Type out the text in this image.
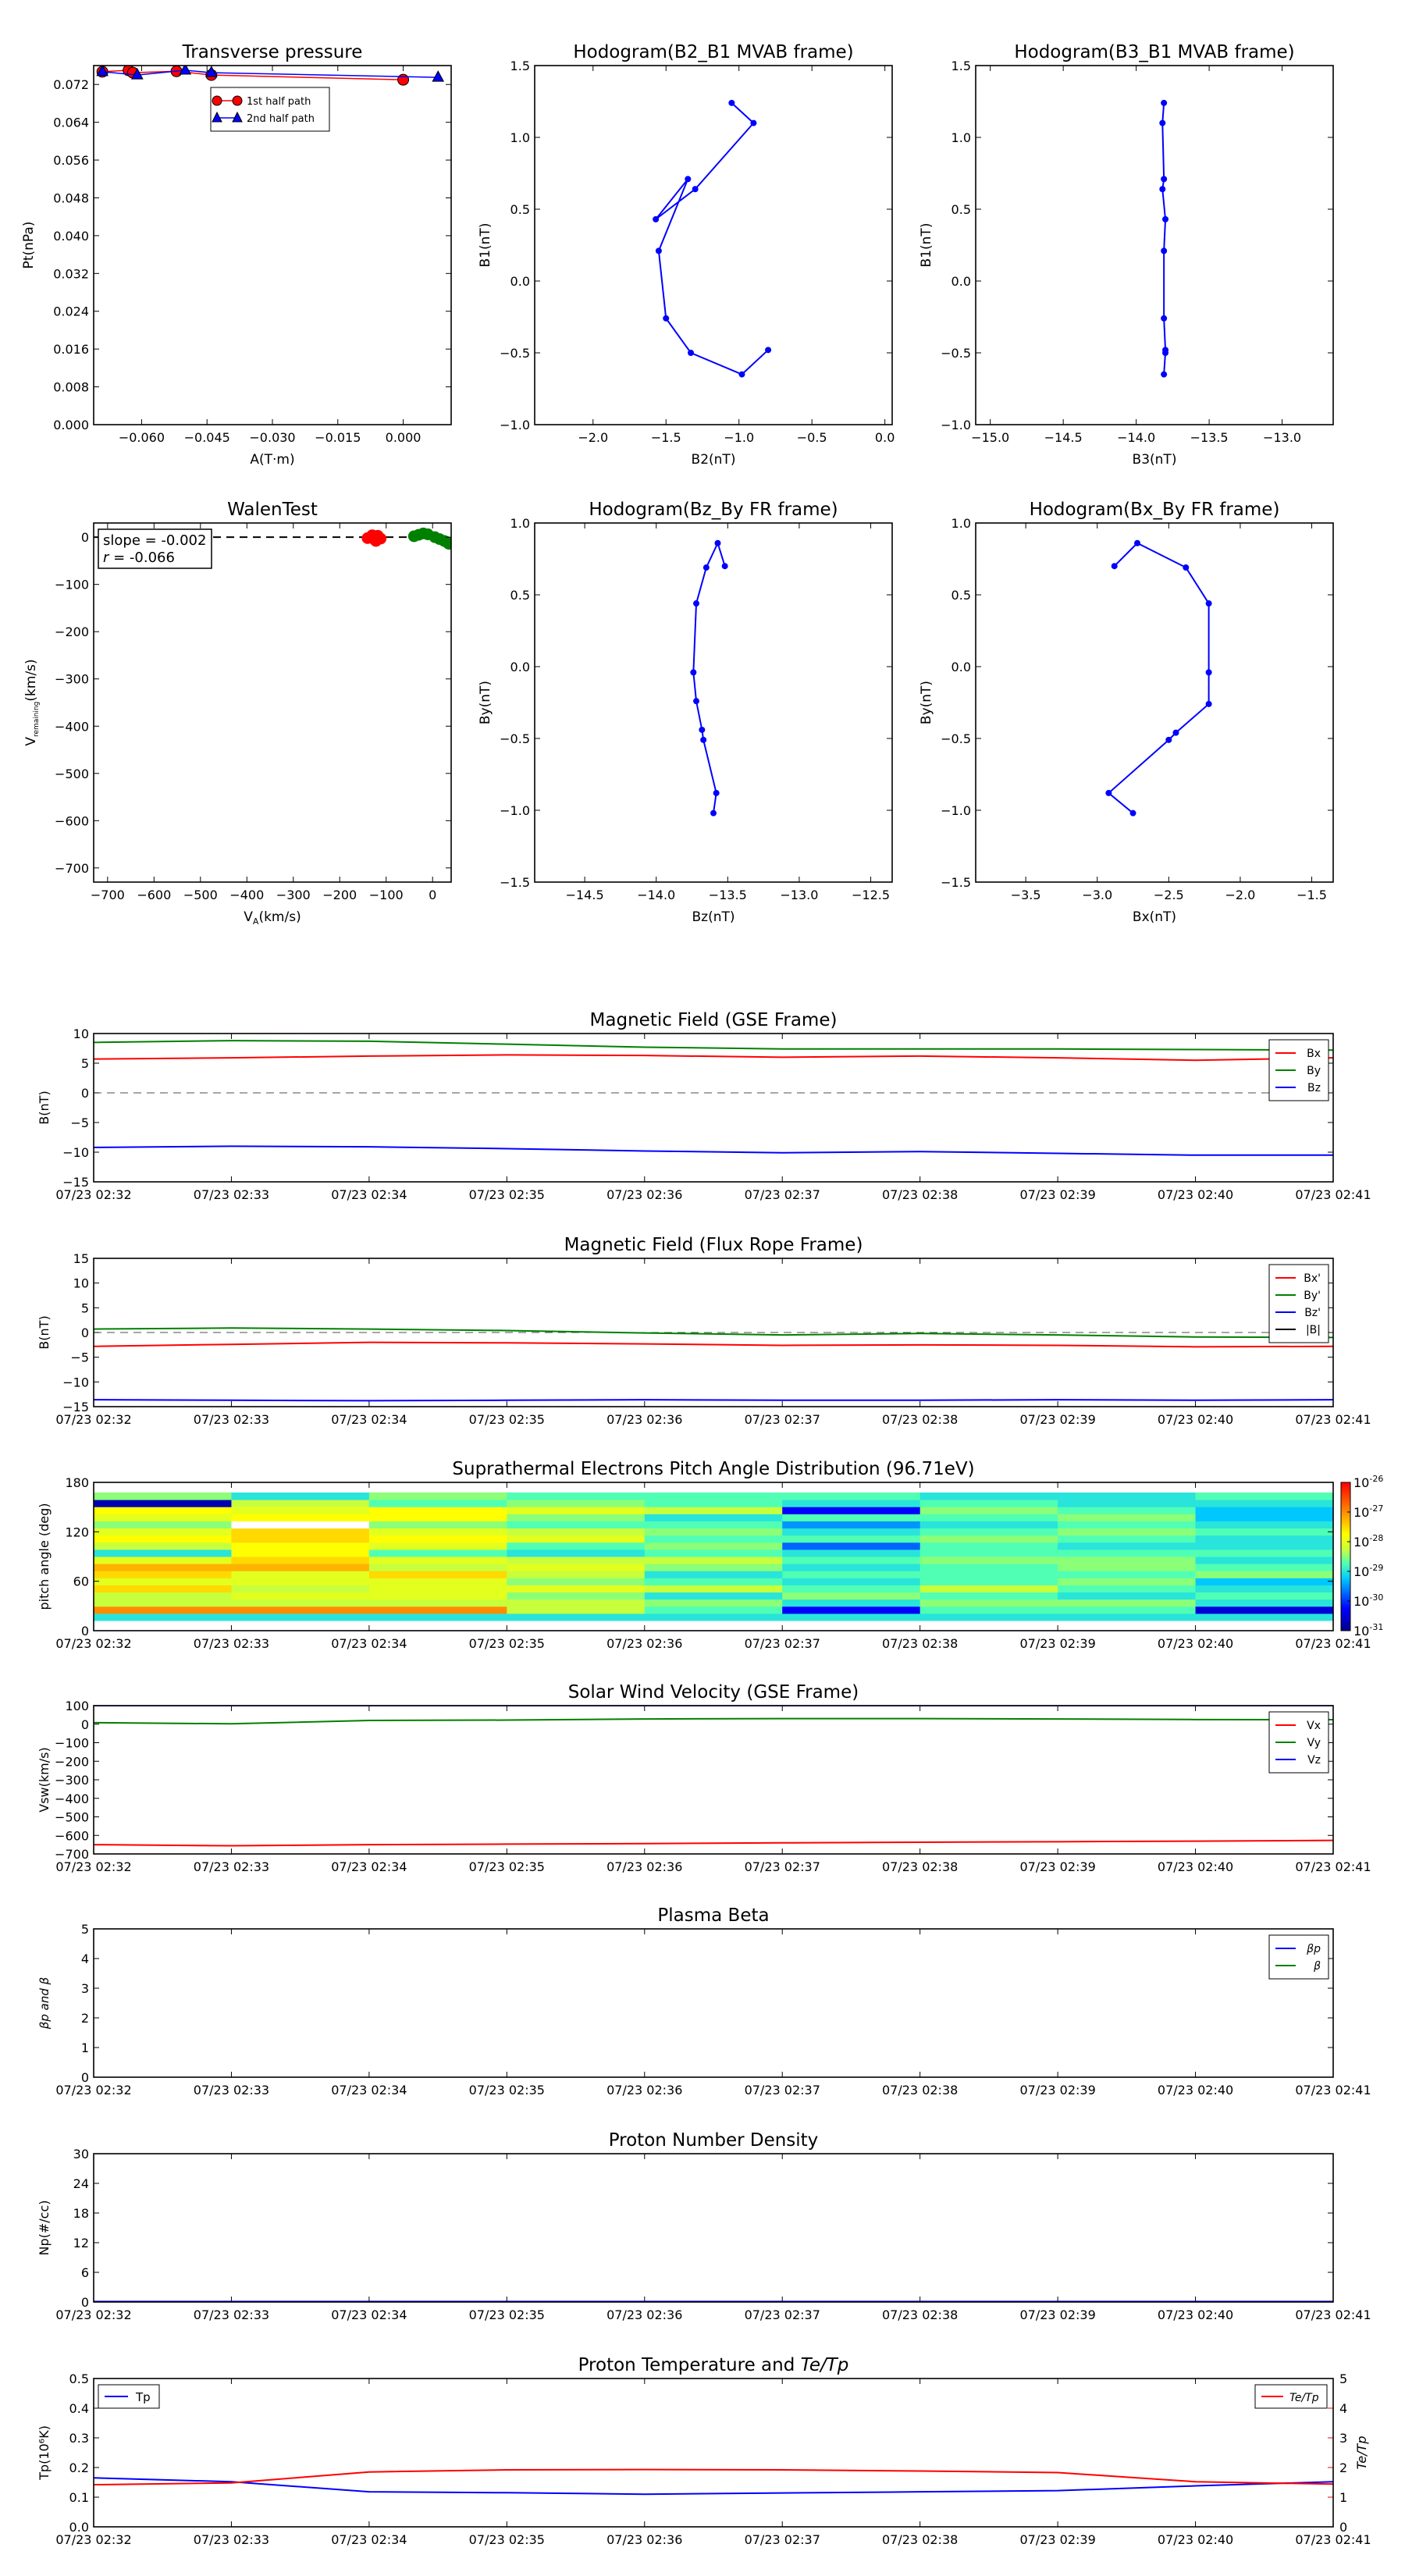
−0.060 −0.045 −0.030 −0.015 0.000
0.000
0.008
0.016
0.024
0.032
0.040
0.048
0.056
0.064
0.072
Transverse pressure
A(T·m)
Pt(nPa)
1st half path
2nd half path
−2.0	−1.5	−1.0	−0.5	0.0
−1.0
−0.5
0.0
0.5
1.0
1.5
Hodogram(B2_B1 MVAB frame)
B2(nT)
B1(nT)
−15.0	−14.5	−14.0	−13.5	−13.0
−1.0
−0.5
0.0
0.5
1.0
1.5
Hodogram(B3_B1 MVAB frame)
B3(nT)
B1(nT)
−700 −600 −500 −400 −300 −200 −100 0
−700
−600
−500
−400
−300
−200
−100
0
WalenTest
$V_A(km/s)$
$V_{remaining}(km/s)$
slope = -0.002
r = -0.066
−14.5	−14.0	−13.5	−13.0	−12.5
−1.5
−1.0
−0.5
0.0
0.5
1.0
Hodogram(Bz_By FR frame)
Bz(nT)
By(nT)
−3.5	−3.0	−2.5	−2.0	−1.5
−1.5
−1.0
−0.5
0.0
0.5
1.0
Hodogram(Bx_By FR frame)
Bx(nT)
By(nT)
Magnetic Field (GSE Frame)
07/23 02:32	07/23 02:33	07/23 02:34	07/23 02:35	07/23 02:36	07/23 02:37	07/23 02:38	07/23 02:39	07/23 02:40	07/23 02:41
−15
−10
−5
0
5
10
B(nT)
Bx
By
Bz
Magnetic Field (Flux Rope Frame)
07/23 02:32	07/23 02:33	07/23 02:34	07/23 02:35	07/23 02:36	07/23 02:37	07/23 02:38	07/23 02:39	07/23 02:40	07/23 02:41
−15
−10
−5
0
5
10
15
B(nT)
Bx'
By'
Bz'
|B|
Suprathermal Electrons Pitch Angle Distribution (96.71eV)
$10^{-26}$
$10^{-27}$
$10^{-28}$
$10^{-29}$
$10^{-30}$
$10^{-31}$
07/23 02:32	07/23 02:33	07/23 02:34	07/23 02:35	07/23 02:36	07/23 02:37	07/23 02:38	07/23 02:39	07/23 02:40	07/23 02:41
0
60
120
180
pitch angle (deg)
Solar Wind Velocity (GSE Frame)
07/23 02:32	07/23 02:33	07/23 02:34	07/23 02:35	07/23 02:36	07/23 02:37	07/23 02:38	07/23 02:39	07/23 02:40	07/23 02:41
−700
−600
−500
−400
−300
−200
−100
0
100
Vsw(km/s)
Vx
Vy
Vz
Plasma Beta
07/23 02:32	07/23 02:33	07/23 02:34	07/23 02:35	07/23 02:36	07/23 02:37	07/23 02:38	07/23 02:39	07/23 02:40	07/23 02:41
0
1
2
3
4
5
βp and β
βp
β
Proton Number Density
07/23 02:32	07/23 02:33	07/23 02:34	07/23 02:35	07/23 02:36	07/23 02:37	07/23 02:38	07/23 02:39	07/23 02:40	07/23 02:41
0
6
12
18
24
30
Np(#/cc)
Proton Temperature and Te/Tp
07/23 02:32	07/23 02:33	07/23 02:34	07/23 02:35	07/23 02:36	07/23 02:37	07/23 02:38	07/23 02:39	07/23 02:40	07/23 02:41
0.0
0.1
0.2
0.3
0.4
0.5
Tp(10⁶K)
0
1
2
3
4
5
Te/Tp
Tp	Te/Tp
